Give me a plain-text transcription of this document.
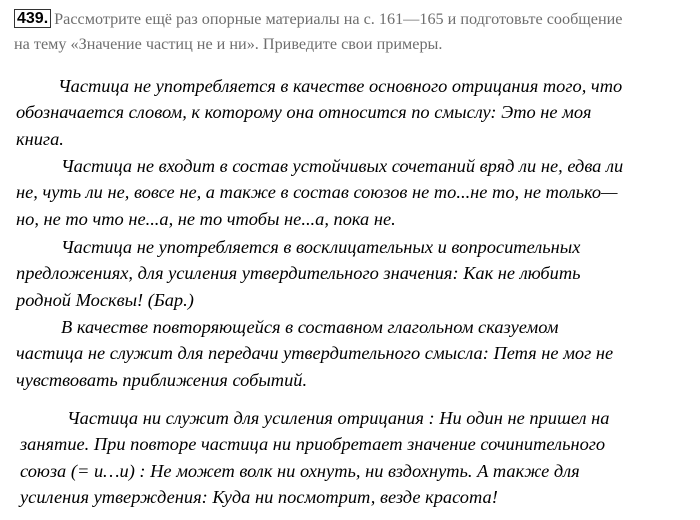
439. Рассмотрите ещё раз опорные материалы на с. 161—165 и подготовьте сообщение
на тему «Значение частиц не и ни». Приведите свои примеры.
Частица не употребляется в качестве основного отрицания того, что
обозначается словом, к которому она относится по смыслу: Это не моя
книга.
Частица не входит в состав устойчивых сочетаний вряд ли не, едва ли
не, чуть ли не, вовсе не, а также в состав союзов не то...не то, не только—
но, не то что не...а, не то чтобы не...а, пока не.
Частица не употребляется в восклицательных и вопросительных
предложениях, для усиления утвердительного значения: Как не любить
родной Москвы! (Бар.)
В качестве повторяющейся в составном глагольном сказуемом
частица не служит для передачи утвердительного смысла: Петя не мог не
чувствовать приближения событий.
Частица ни служит для усиления отрицания : Ни один не пришел на
занятие. При повторе частица ни приобретает значение сочинительного
союза (= и…и) : Не может волк ни охнуть, ни вздохнуть. А также для
усиления утверждения: Куда ни посмотрит, везде красота!
